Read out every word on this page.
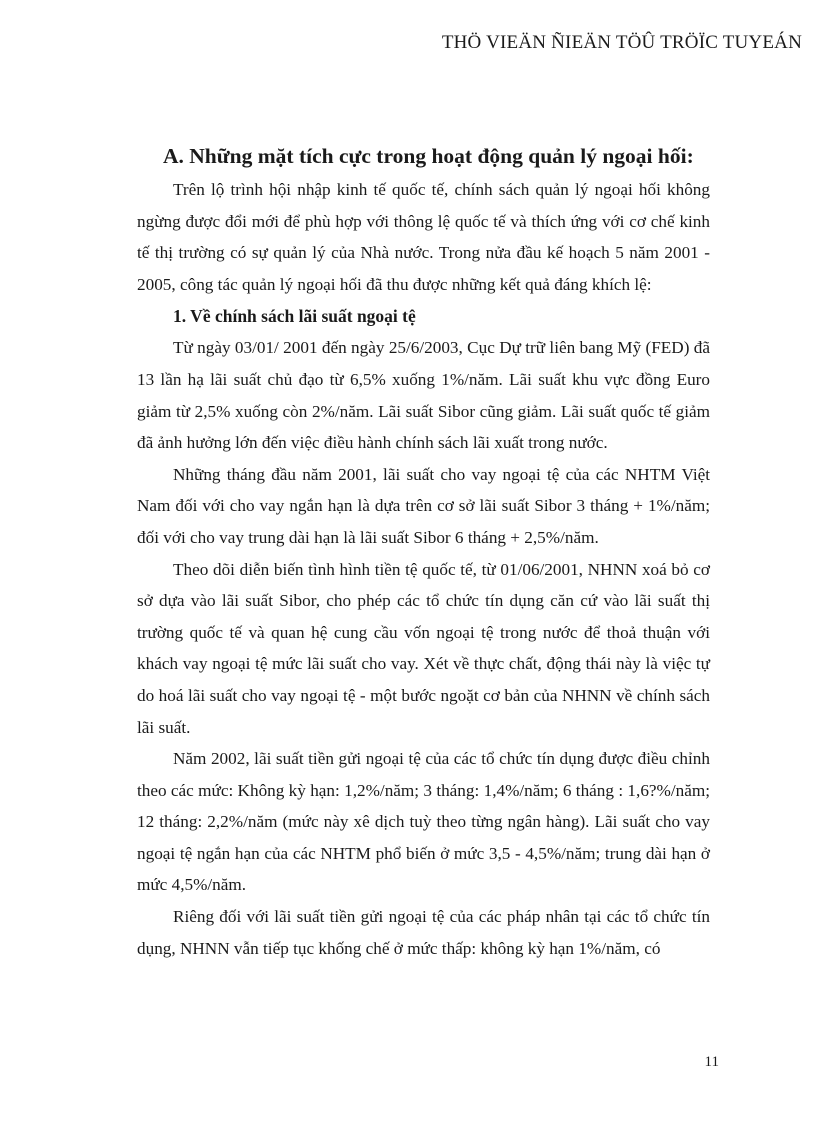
THÖ VIEÄN ÑIEÄN TÖÛ TRÖÏC TUYEÁN
A. Những mặt tích cực trong hoạt động quản lý ngoại hối:

Trên lộ trình hội nhập kinh tế quốc tế, chính sách quản lý ngoại hối không ngừng được đổi mới để phù hợp với thông lệ quốc tế và thích ứng với cơ chế kinh tế thị trường có sự quản lý của Nhà nước. Trong nửa đầu kế hoạch 5 năm 2001 - 2005, công tác quản lý ngoại hối đã thu được những kết quả đáng khích lệ:

1. Về chính sách lãi suất ngoại tệ

Từ ngày 03/01/ 2001 đến ngày 25/6/2003, Cục Dự trữ liên bang Mỹ (FED) đã 13 lần hạ lãi suất chủ đạo từ 6,5% xuống 1%/năm. Lãi suất khu vực đồng Euro giảm từ 2,5% xuống còn 2%/năm. Lãi suất Sibor cũng giảm. Lãi suất quốc tế giảm đã ảnh hưởng lớn đến việc điều hành chính sách lãi xuất trong nước.

Những tháng đầu năm 2001, lãi suất cho vay ngoại tệ của các NHTM Việt Nam đối với cho vay ngắn hạn là dựa trên cơ sở lãi suất Sibor 3 tháng + 1%/năm; đối với cho vay trung dài hạn là lãi suất Sibor 6 tháng + 2,5%/năm.

Theo dõi diễn biến tình hình tiền tệ quốc tế, từ 01/06/2001, NHNN xoá bỏ cơ sở dựa vào lãi suất Sibor, cho phép các tổ chức tín dụng căn cứ vào lãi suất thị trường quốc tế và quan hệ cung cầu vốn ngoại tệ trong nước để thoả thuận với khách vay ngoại tệ mức lãi suất cho vay. Xét về thực chất, động thái này là việc tự do hoá lãi suất cho vay ngoại tệ - một bước ngoặt cơ bản của NHNN về chính sách lãi suất.

Năm 2002, lãi suất tiền gửi ngoại tệ của các tổ chức tín dụng được điều chỉnh theo các mức: Không kỳ hạn: 1,2%/năm; 3 tháng: 1,4%/năm; 6 tháng : 1,6?%/năm; 12 tháng: 2,2%/năm (mức này xê dịch tuỳ theo từng ngân hàng). Lãi suất cho vay ngoại tệ ngắn hạn của các NHTM phổ biến ở mức 3,5 - 4,5%/năm; trung dài hạn ở mức 4,5%/năm.

Riêng đối với lãi suất tiền gửi ngoại tệ của các pháp nhân tại các tổ chức tín dụng, NHNN vẫn tiếp tục khống chế ở mức thấp: không kỳ hạn 1%/năm, có

11
